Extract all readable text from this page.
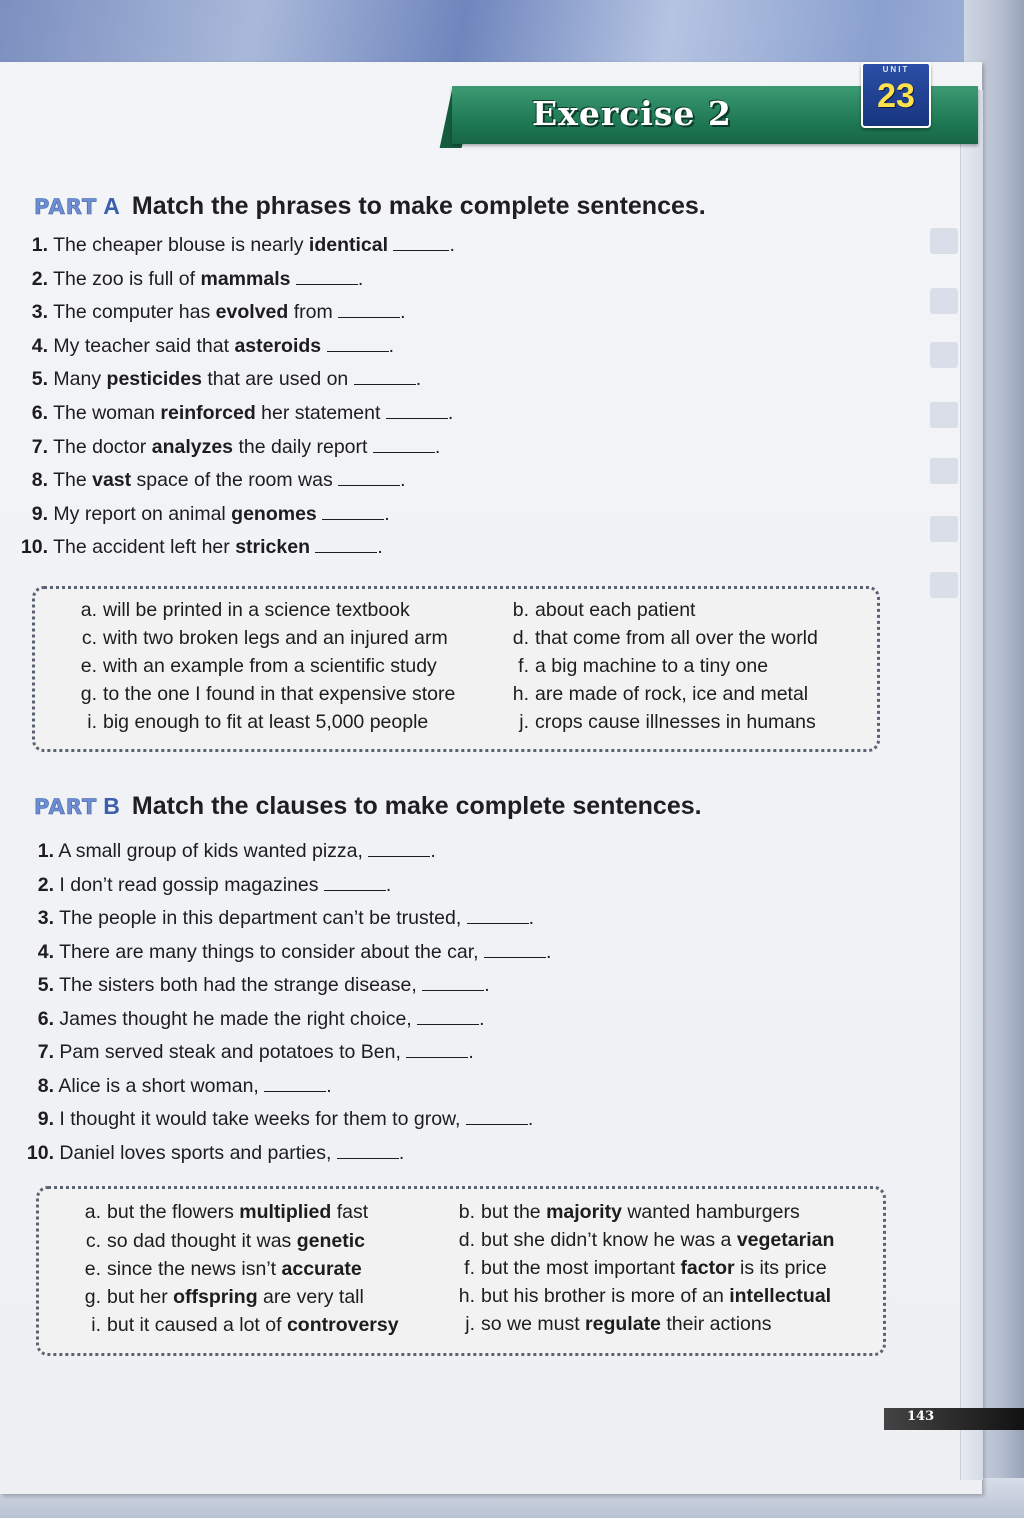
Exercise 2
UNIT
23
PART A Match the phrases to make complete sentences.
1. The cheaper blouse is nearly identical	.
2. The zoo is full of mammals	.
3. The computer has evolved from	.
4. My teacher said that asteroids	.
5. Many pesticides that are used on	.
6. The woman reinforced her statement	.
7. The doctor analyzes the daily report	.
8. The vast space of the room was	.
9. My report on animal genomes	.
10. The accident left her stricken	.
a. will be printed in a science textbook	b. about each patient
c. with two broken legs and an injured arm	d. that come from all over the world
e. with an example from a scientific study	f. a big machine to a tiny one
g. to the one I found in that expensive store	h. are made of rock, ice and metal
i. big enough to fit at least 5,000 people	j. crops cause illnesses in humans
PART B Match the clauses to make complete sentences.
1. A small group of kids wanted pizza,	.
2. I don’t read gossip magazines	.
3. The people in this department can’t be trusted,	.
4. There are many things to consider about the car,	.
5. The sisters both had the strange disease,	.
6. James thought he made the right choice,	.
7. Pam served steak and potatoes to Ben,	.
8. Alice is a short woman,	.
9. I thought it would take weeks for them to grow,	.
10. Daniel loves sports and parties,	.
a. but the flowers multiplied fast	b. but the majority wanted hamburgers
c. so dad thought it was genetic	d. but she didn’t know he was a vegetarian
e. since the news isn’t accurate	f. but the most important factor is its price
g. but her offspring are very tall	h. but his brother is more of an intellectual
i. but it caused a lot of controversy	j. so we must regulate their actions
143
